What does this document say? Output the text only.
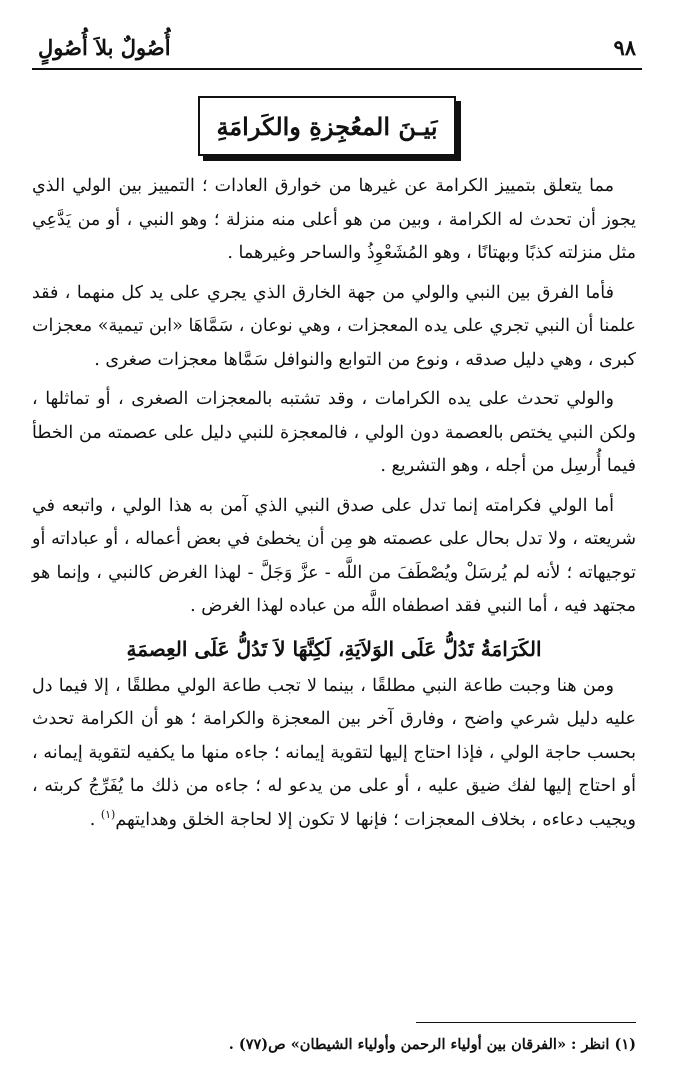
٩٨
أُصُولٌ بلاَ أُصُولٍ
بَيـنَ المعُجِزةِ والكَرامَةِ

مما يتعلق بتمييز الكرامة عن غيرها من خوارق العادات ؛ التمييز بين الولي الذي يجوز أن تحدث له الكرامة ، وبين من هو أعلى منه منزلة ؛ وهو النبي ، أو من يَدَّعِي مثل منزلته كذبًا وبهتانًا ، وهو المُشَعْوِذُ والساحر وغيرهما .

فأما الفرق بين النبي والولي من جهة الخارق الذي يجري على يد كل منهما ، فقد علمنا أن النبي تجري على يده المعجزات ، وهي نوعان ، سَمَّاهَا «ابن تيمية» معجزات كبرى ، وهي دليل صدقه ، ونوع من التوابع والنوافل سَمَّاها معجزات صغرى .

والولي تحدث على يده الكرامات ، وقد تشتبه بالمعجزات الصغرى ، أو تماثلها ، ولكن النبي يختص بالعصمة دون الولي ، فالمعجزة للنبي دليل على عصمته من الخطأ فيما أُرسِل من أجله ، وهو التشريع .

أما الولي فكرامته إنما تدل على صدق النبي الذي آمن به هذا الولي ، واتبعه في شريعته ، ولا تدل بحال على عصمته هو مِن أن يخطئ في بعض أعماله ، أو عباداته أو توجيهاته ؛ لأنه لم يُرسَلْ ويُصْطَفَ من اللَّه - عزَّ وَجَلَّ - لهذا الغرض كالنبي ، وإنما هو مجتهد فيه ، أما النبي فقد اصطفاه اللَّه من عباده لهذا الغرض .

الكَرَامَةُ تَدُلُّ عَلَى الوَلاَيَةِ، لَكِنَّهَا لاَ تَدُلُّ عَلَى العِصمَةِ

ومن هنا وجبت طاعة النبي مطلقًا ، بينما لا تجب طاعة الولي مطلقًا ، إلا فيما دل عليه دليل شرعي واضح ، وفارق آخر بين المعجزة والكرامة ؛ هو أن الكرامة تحدث بحسب حاجة الولي ، فإذا احتاج إليها لتقوية إيمانه ؛ جاءه منها ما يكفيه لتقوية إيمانه ، أو احتاج إليها لفك ضيق عليه ، أو على من يدعو له ؛ جاءه من ذلك ما يُفَرِّجُ كربته ، ويجيب دعاءه ، بخلاف المعجزات ؛ فإنها لا تكون إلا لحاجة الخلق وهدايتهم$^{(١)}$ .

(١) انظر : «الفرقان بين أولياء الرحمن وأولياء الشيطان» ص(٧٧) .
